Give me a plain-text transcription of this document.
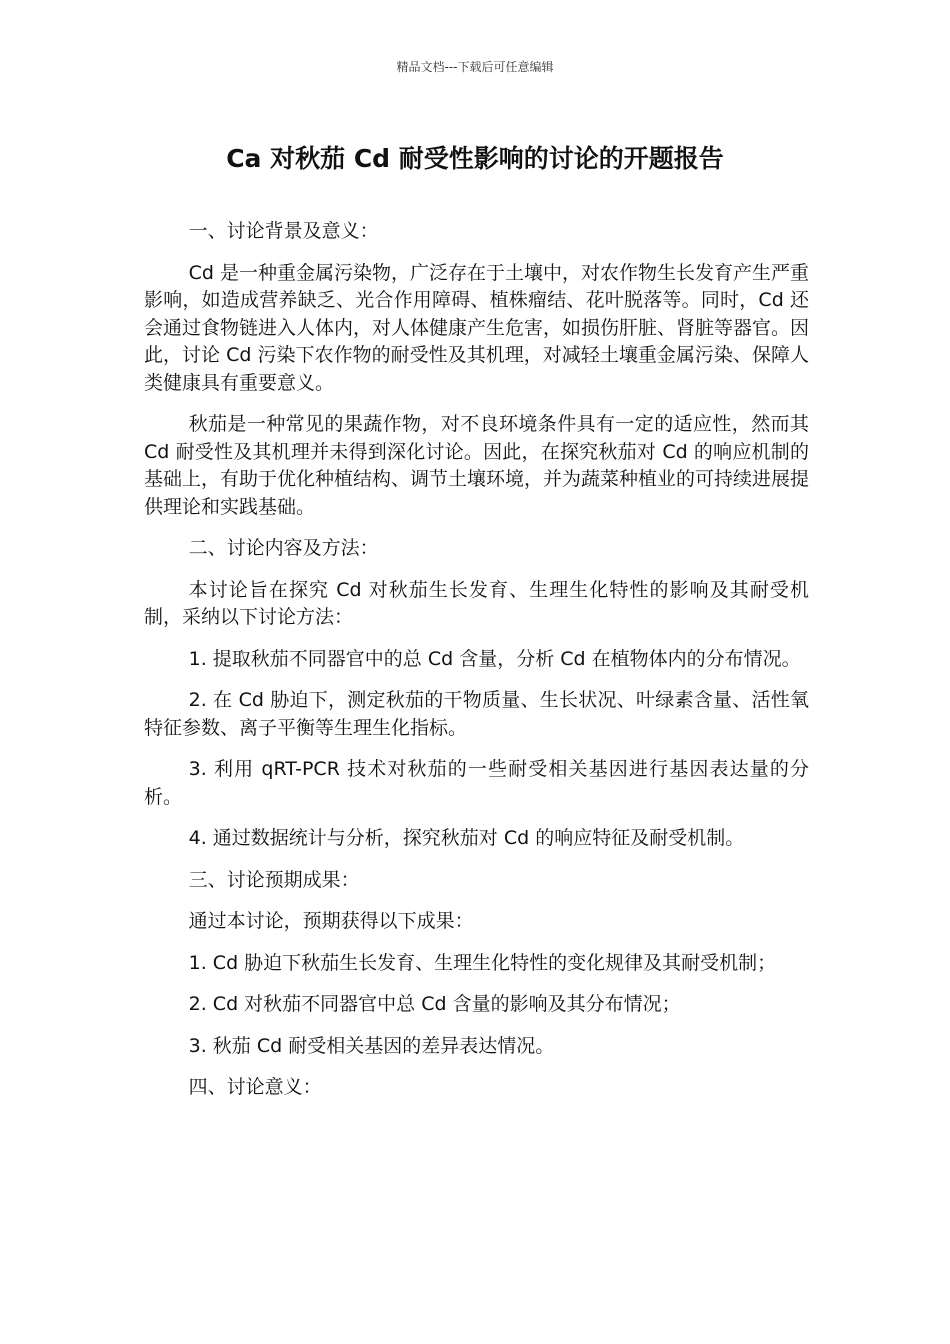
精品文档---下载后可任意编辑
Ca 对秋茄 Cd 耐受性影响的讨论的开题报告

一、讨论背景及意义：

Cd 是一种重金属污染物，广泛存在于土壤中，对农作物生长发育产生严重影响，如造成营养缺乏、光合作用障碍、植株瘤结、花叶脱落等。同时，Cd 还会通过食物链进入人体内，对人体健康产生危害，如损伤肝脏、肾脏等器官。因此，讨论 Cd 污染下农作物的耐受性及其机理，对减轻土壤重金属污染、保障人类健康具有重要意义。

秋茄是一种常见的果蔬作物，对不良环境条件具有一定的适应性，然而其 Cd 耐受性及其机理并未得到深化讨论。因此，在探究秋茄对 Cd 的响应机制的基础上，有助于优化种植结构、调节土壤环境，并为蔬菜种植业的可持续进展提供理论和实践基础。

二、讨论内容及方法：

本讨论旨在探究 Cd 对秋茄生长发育、生理生化特性的影响及其耐受机制，采纳以下讨论方法：

1. 提取秋茄不同器官中的总 Cd 含量，分析 Cd 在植物体内的分布情况。

2. 在 Cd 胁迫下，测定秋茄的干物质量、生长状况、叶绿素含量、活性氧特征参数、离子平衡等生理生化指标。

3. 利用 qRT-PCR 技术对秋茄的一些耐受相关基因进行基因表达量的分析。

4. 通过数据统计与分析，探究秋茄对 Cd 的响应特征及耐受机制。

三、讨论预期成果：

通过本讨论，预期获得以下成果：

1. Cd 胁迫下秋茄生长发育、生理生化特性的变化规律及其耐受机制；

2. Cd 对秋茄不同器官中总 Cd 含量的影响及其分布情况；

3. 秋茄 Cd 耐受相关基因的差异表达情况。

四、讨论意义：
